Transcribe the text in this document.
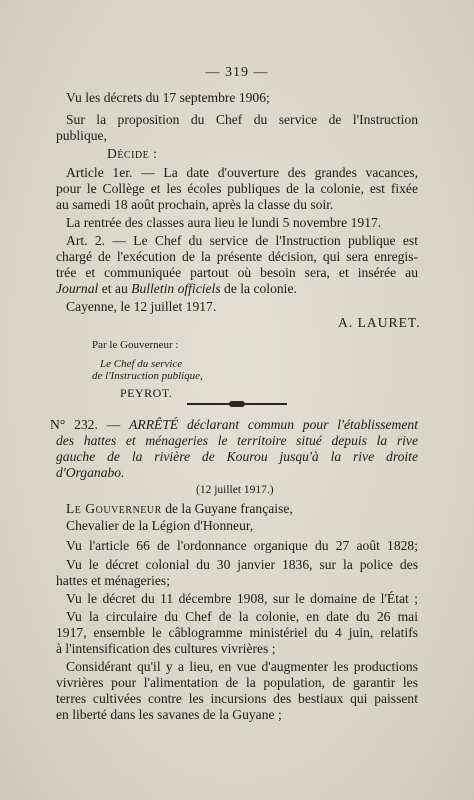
— 319 —
Vu les décrets du 17 septembre 1906;
Sur la proposition du Chef du service de l'Instruction
publique,
Décide :
Article 1er. — La date d'ouverture des grandes vacances,
pour le Collège et les écoles publiques de la colonie, est fixée
au samedi 18 août prochain, après la classe du soir.
La rentrée des classes aura lieu le lundi 5 novembre 1917.
Art. 2. — Le Chef du service de l'Instruction publique est
chargé de l'exécution de la présente décision, qui sera enregis-
trée et communiquée partout où besoin sera, et insérée au
Journal et au Bulletin officiels de la colonie.
Cayenne, le 12 juillet 1917.
A. LAURET.
Par le Gouverneur :
Le Chef du service
de l'Instruction publique,
PEYROT.
N° 232. — ARRÊTÉ déclarant commun pour l'établissement
des hattes et ménageries le territoire situé depuis la rive
gauche de la rivière de Kourou jusqu'à la rive droite
d'Organabo.
(12 juillet 1917.)
Le Gouverneur de la Guyane française,
Chevalier de la Légion d'Honneur,
Vu l'article 66 de l'ordonnance organique du 27 août 1828;
Vu le décret colonial du 30 janvier 1836, sur la police des
hattes et ménageries;
Vu le décret du 11 décembre 1908, sur le domaine de l'État ;
Vu la circulaire du Chef de la colonie, en date du 26 mai
1917, ensemble le câblogramme ministériel du 4 juin, relatifs
à l'intensification des cultures vivrières ;
Considérant qu'il y a lieu, en vue d'augmenter les productions
vivrières pour l'alimentation de la population, de garantir les
terres cultivées contre les incursions des bestiaux qui paissent
en liberté dans les savanes de la Guyane ;
